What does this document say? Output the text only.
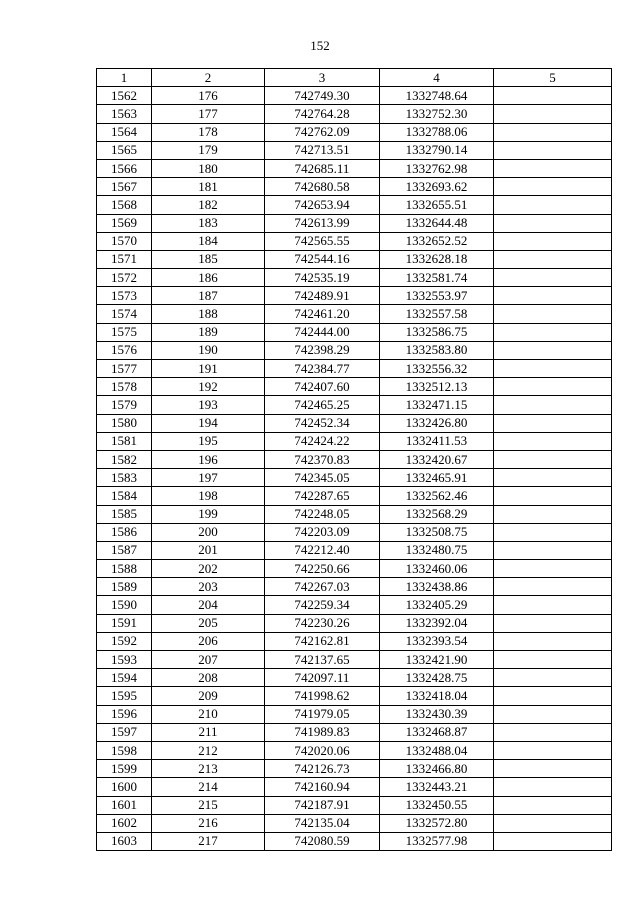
152
1	2	3	4	5
1562	176	742749.30	1332748.64	
1563	177	742764.28	1332752.30	
1564	178	742762.09	1332788.06	
1565	179	742713.51	1332790.14	
1566	180	742685.11	1332762.98	
1567	181	742680.58	1332693.62	
1568	182	742653.94	1332655.51	
1569	183	742613.99	1332644.48	
1570	184	742565.55	1332652.52	
1571	185	742544.16	1332628.18	
1572	186	742535.19	1332581.74	
1573	187	742489.91	1332553.97	
1574	188	742461.20	1332557.58	
1575	189	742444.00	1332586.75	
1576	190	742398.29	1332583.80	
1577	191	742384.77	1332556.32	
1578	192	742407.60	1332512.13	
1579	193	742465.25	1332471.15	
1580	194	742452.34	1332426.80	
1581	195	742424.22	1332411.53	
1582	196	742370.83	1332420.67	
1583	197	742345.05	1332465.91	
1584	198	742287.65	1332562.46	
1585	199	742248.05	1332568.29	
1586	200	742203.09	1332508.75	
1587	201	742212.40	1332480.75	
1588	202	742250.66	1332460.06	
1589	203	742267.03	1332438.86	
1590	204	742259.34	1332405.29	
1591	205	742230.26	1332392.04	
1592	206	742162.81	1332393.54	
1593	207	742137.65	1332421.90	
1594	208	742097.11	1332428.75	
1595	209	741998.62	1332418.04	
1596	210	741979.05	1332430.39	
1597	211	741989.83	1332468.87	
1598	212	742020.06	1332488.04	
1599	213	742126.73	1332466.80	
1600	214	742160.94	1332443.21	
1601	215	742187.91	1332450.55	
1602	216	742135.04	1332572.80	
1603	217	742080.59	1332577.98	
